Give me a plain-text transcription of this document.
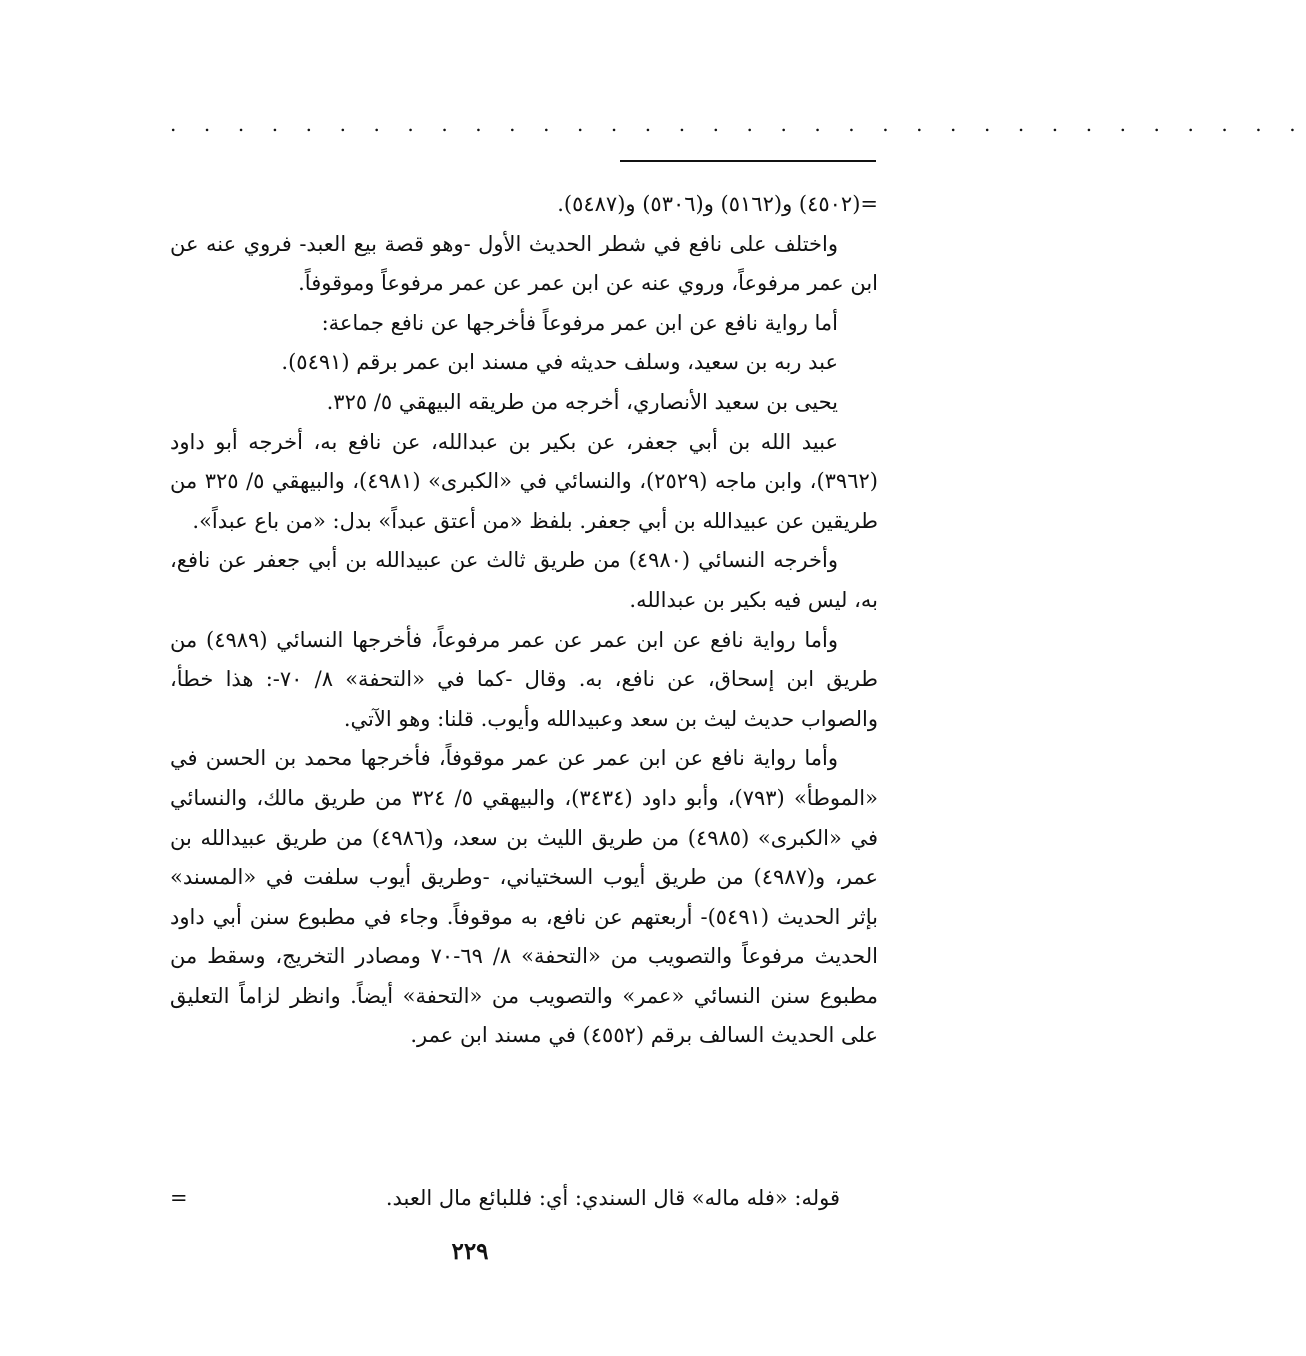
. . . . . . . . . . . . . . . . . . . . . . . . . . . . . . . . . .

=(٤٥٠٢) و(٥١٦٢) و(٥٣٠٦) و(٥٤٨٧).

واختلف على نافع في شطر الحديث الأول -وهو قصة بيع العبد- فروي عنه عن ابن عمر مرفوعاً، وروي عنه عن ابن عمر عن عمر مرفوعاً وموقوفاً.

أما رواية نافع عن ابن عمر مرفوعاً فأخرجها عن نافع جماعة:

عبد ربه بن سعيد، وسلف حديثه في مسند ابن عمر برقم (٥٤٩١).

يحيى بن سعيد الأنصاري، أخرجه من طريقه البيهقي ٥/ ٣٢٥.

عبيد الله بن أبي جعفر، عن بكير بن عبدالله، عن نافع به، أخرجه أبو داود (٣٩٦٢)، وابن ماجه (٢٥٢٩)، والنسائي في «الكبرى» (٤٩٨١)، والبيهقي ٥/ ٣٢٥ من طريقين عن عبيدالله بن أبي جعفر. بلفظ «من أعتق عبداً» بدل: «من باع عبداً».

وأخرجه النسائي (٤٩٨٠) من طريق ثالث عن عبيدالله بن أبي جعفر عن نافع، به، ليس فيه بكير بن عبدالله.

وأما رواية نافع عن ابن عمر عن عمر مرفوعاً، فأخرجها النسائي (٤٩٨٩) من طريق ابن إسحاق، عن نافع، به. وقال -كما في «التحفة» ٨/ ٧٠-: هذا خطأ، والصواب حديث ليث بن سعد وعبيدالله وأيوب. قلنا: وهو الآتي.

وأما رواية نافع عن ابن عمر عن عمر موقوفاً، فأخرجها محمد بن الحسن في «الموطأ» (٧٩٣)، وأبو داود (٣٤٣٤)، والبيهقي ٥/ ٣٢٤ من طريق مالك، والنسائي في «الكبرى» (٤٩٨٥) من طريق الليث بن سعد، و(٤٩٨٦) من طريق عبيدالله بن عمر، و(٤٩٨٧) من طريق أيوب السختياني، -وطريق أيوب سلفت في «المسند» بإثر الحديث (٥٤٩١)- أربعتهم عن نافع، به موقوفاً. وجاء في مطبوع سنن أبي داود الحديث مرفوعاً والتصويب من «التحفة» ٨/ ٦٩-٧٠ ومصادر التخريج، وسقط من مطبوع سنن النسائي «عمر» والتصويب من «التحفة» أيضاً. وانظر لزاماً التعليق على الحديث السالف برقم (٤٥٥٢) في مسند ابن عمر.

قوله: «فله ماله» قال السندي: أي: فللبائع مال العبد.
=
٢٢٩
